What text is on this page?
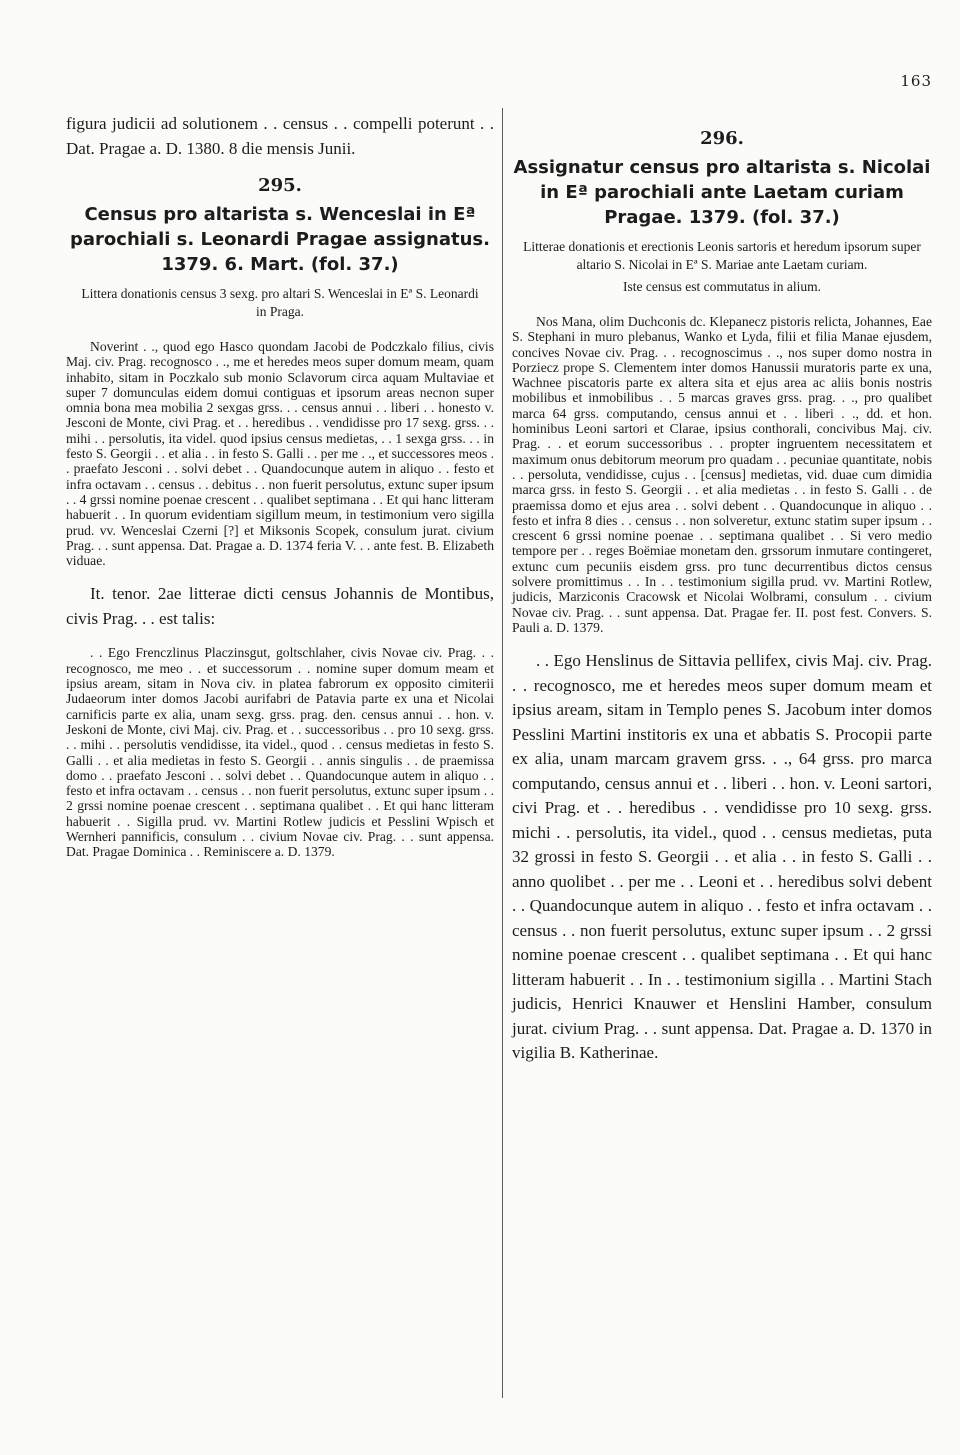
163

figura judicii ad solutionem . . census . . compelli poterunt . . Dat. Pragae a. D. 1380. 8 die mensis Junii.

295.
Census pro altarista s. Wenceslai in Eª parochiali s. Leonardi Pragae assignatus. 1379. 6. Mart. (fol. 37.)
Littera donationis census 3 sexg. pro altari S. Wenceslai in Eª S. Leonardi in Praga.

Noverint . ., quod ego Hasco quondam Jacobi de Podczkalo filius, civis Maj. civ. Prag. recognosco . ., me et heredes meos super domum meam, quam inhabito, sitam in Poczkalo sub monio Sclavorum circa aquam Multaviae et super 7 domunculas eidem domui contiguas et ipsorum areas necnon super omnia bona mea mobilia 2 sexgas grss. . . census annui . . liberi . . honesto v. Jesconi de Monte, civi Prag. et . . heredibus . . vendidisse pro 17 sexg. grss. . . mihi . . persolutis, ita videl. quod ipsius census medietas, . . 1 sexga grss. . . in festo S. Georgii . . et alia . . in festo S. Galli . . per me . ., et successores meos . . praefato Jesconi . . solvi debet . . Quandocunque autem in aliquo . . festo et infra octavam . . census . . debitus . . non fuerit persolutus, extunc super ipsum . . 4 grssi nomine poenae crescent . . qualibet septimana . . Et qui hanc litteram habuerit . . In quorum evidentiam sigillum meum, in testimonium vero sigilla prud. vv. Wenceslai Czerni [?] et Miksonis Scopek, consulum jurat. civium Prag. . . sunt appensa. Dat. Pragae a. D. 1374 feria V. . . ante fest. B. Elizabeth viduae.

It. tenor. 2ae litterae dicti census Johannis de Montibus, civis Prag. . . est talis:

. . Ego Frenczlinus Placzinsgut, goltschlaher, civis Novae civ. Prag. . . recognosco, me meo . . et successorum . . nomine super domum meam et ipsius aream, sitam in Nova civ. in platea fabrorum ex opposito cimiterii Judaeorum inter domos Jacobi aurifabri de Patavia parte ex una et Nicolai carnificis parte ex alia, unam sexg. grss. prag. den. census annui . . hon. v. Jeskoni de Monte, civi Maj. civ. Prag. et . . successoribus . . pro 10 sexg. grss. . . mihi . . persolutis vendidisse, ita videl., quod . . census medietas in festo S. Galli . . et alia medietas in festo S. Georgii . . annis singulis . . de praemissa domo . . praefato Jesconi . . solvi debet . . Quandocunque autem in aliquo . . festo et infra octavam . . census . . non fuerit persolutus, extunc super ipsum . . 2 grssi nomine poenae crescent . . septimana qualibet . . Et qui hanc litteram habuerit . . Sigilla prud. vv. Martini Rotlew judicis et Pesslini Wpisch et Wernheri pannificis, consulum . . civium Novae civ. Prag. . . sunt appensa. Dat. Pragae Dominica . . Reminiscere a. D. 1379.

296.
Assignatur census pro altarista s. Nicolai in Eª parochiali ante Laetam curiam Pragae. 1379. (fol. 37.)
Litterae donationis et erectionis Leonis sartoris et heredum ipsorum super altario S. Nicolai in Eª S. Mariae ante Laetam curiam.
Iste census est commutatus in alium.

Nos Mana, olim Duchconis dc. Klepanecz pistoris relicta, Johannes, Eae S. Stephani in muro plebanus, Wanko et Lyda, filii et filia Manae ejusdem, concives Novae civ. Prag. . . recognoscimus . ., nos super domo nostra in Porziecz prope S. Clementem inter domos Hanussii muratoris parte ex una, Wachnee piscatoris parte ex altera sita et ejus area ac aliis bonis nostris mobilibus et inmobilibus . . 5 marcas graves grss. prag. . ., pro qualibet marca 64 grss. computando, census annui et . . liberi . ., dd. et hon. hominibus Leoni sartori et Clarae, ipsius conthorali, concivibus Maj. civ. Prag. . . et eorum successoribus . . propter ingruentem necessitatem et maximum onus debitorum meorum pro quadam . . pecuniae quantitate, nobis . . persoluta, vendidisse, cujus . . [census] medietas, vid. duae cum dimidia marca grss. in festo S. Georgii . . et alia medietas . . in festo S. Galli . . de praemissa domo et ejus area . . solvi debent . . Quandocunque in aliquo . . festo et infra 8 dies . . census . . non solveretur, extunc statim super ipsum . . crescent 6 grssi nomine poenae . . septimana qualibet . . Si vero medio tempore per . . reges Boëmiae monetam den. grssorum inmutare contingeret, extunc cum pecuniis eisdem grss. pro tunc decurrentibus dictos census solvere promittimus . . In . . testimonium sigilla prud. vv. Martini Rotlew, judicis, Marziconis Cracowsk et Nicolai Wolbrami, consulum . . civium Novae civ. Prag. . . sunt appensa. Dat. Pragae fer. II. post fest. Convers. S. Pauli a. D. 1379.

. . Ego Henslinus de Sittavia pellifex, civis Maj. civ. Prag. . . recognosco, me et heredes meos super domum meam et ipsius aream, sitam in Templo penes S. Jacobum inter domos Pesslini Martini institoris ex una et abbatis S. Procopii parte ex alia, unam marcam gravem grss. . ., 64 grss. pro marca computando, census annui et . . liberi . . hon. v. Leoni sartori, civi Prag. et . . heredibus . . vendidisse pro 10 sexg. grss. michi . . persolutis, ita videl., quod . . census medietas, puta 32 grossi in festo S. Georgii . . et alia . . in festo S. Galli . . anno quolibet . . per me . . Leoni et . . heredibus solvi debent . . Quandocunque autem in aliquo . . festo et infra octavam . . census . . non fuerit persolutus, extunc super ipsum . . 2 grssi nomine poenae crescent . . qualibet septimana . . Et qui hanc litteram habuerit . . In . . testimonium sigilla . . Martini Stach judicis, Henrici Knauwer et Henslini Hamber, consulum jurat. civium Prag. . . sunt appensa. Dat. Pragae a. D. 1370 in vigilia B. Katherinae.
